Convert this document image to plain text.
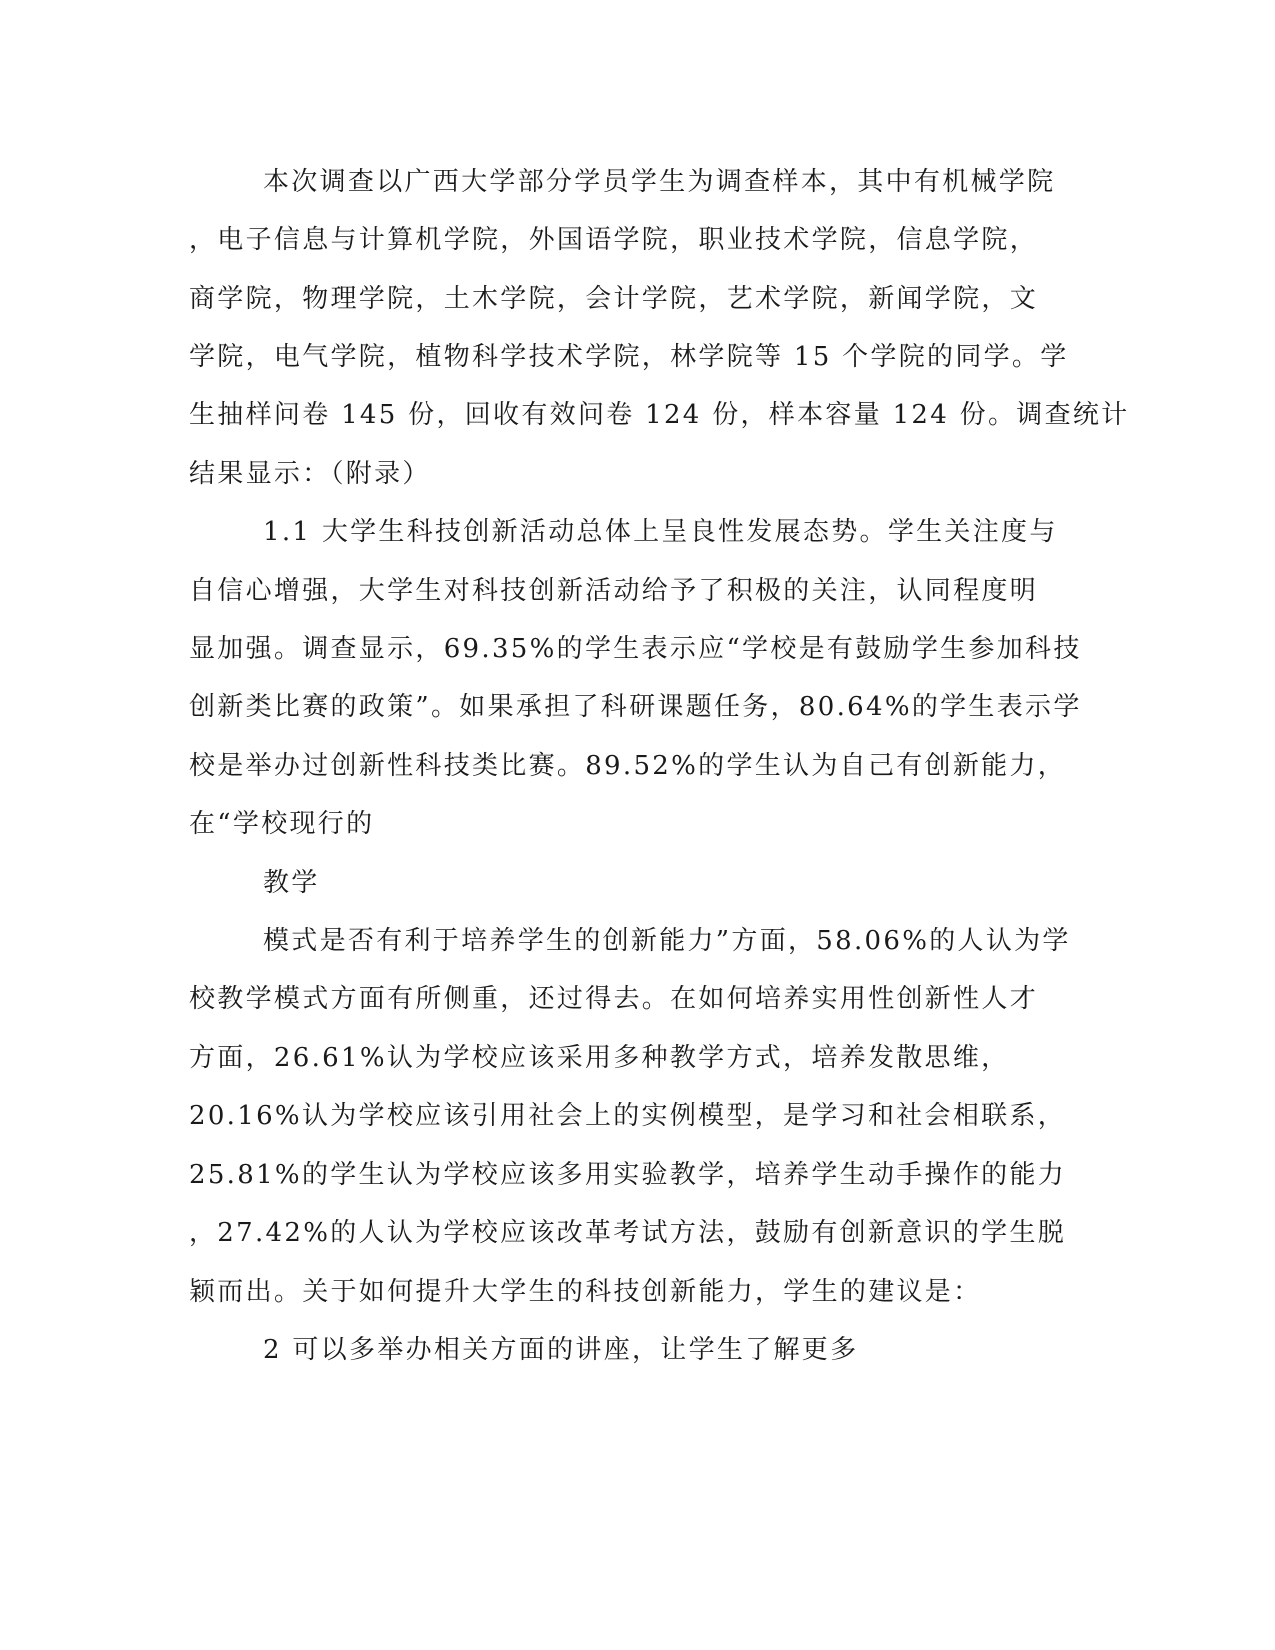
本次调查以广西大学部分学员学生为调查样本，其中有机械学院

，电子信息与计算机学院，外国语学院，职业技术学院，信息学院，

商学院，物理学院，土木学院，会计学院，艺术学院，新闻学院，文

学院，电气学院，植物科学技术学院，林学院等 15 个学院的同学。学

生抽样问卷 145 份，回收有效问卷 124 份，样本容量 124 份。调查统计

结果显示：（附录）

1.1 大学生科技创新活动总体上呈良性发展态势。学生关注度与

自信心增强，大学生对科技创新活动给予了积极的关注，认同程度明

显加强。调查显示，69.35%的学生表示应“学校是有鼓励学生参加科技

创新类比赛的政策”。如果承担了科研课题任务，80.64%的学生表示学

校是举办过创新性科技类比赛。89.52%的学生认为自己有创新能力，

在“学校现行的

教学

模式是否有利于培养学生的创新能力”方面，58.06%的人认为学

校教学模式方面有所侧重，还过得去。在如何培养实用性创新性人才

方面，26.61%认为学校应该采用多种教学方式，培养发散思维，

20.16%认为学校应该引用社会上的实例模型，是学习和社会相联系，

25.81%的学生认为学校应该多用实验教学，培养学生动手操作的能力

，27.42%的人认为学校应该改革考试方法，鼓励有创新意识的学生脱

颖而出。关于如何提升大学生的科技创新能力，学生的建议是：

2 可以多举办相关方面的讲座，让学生了解更多
